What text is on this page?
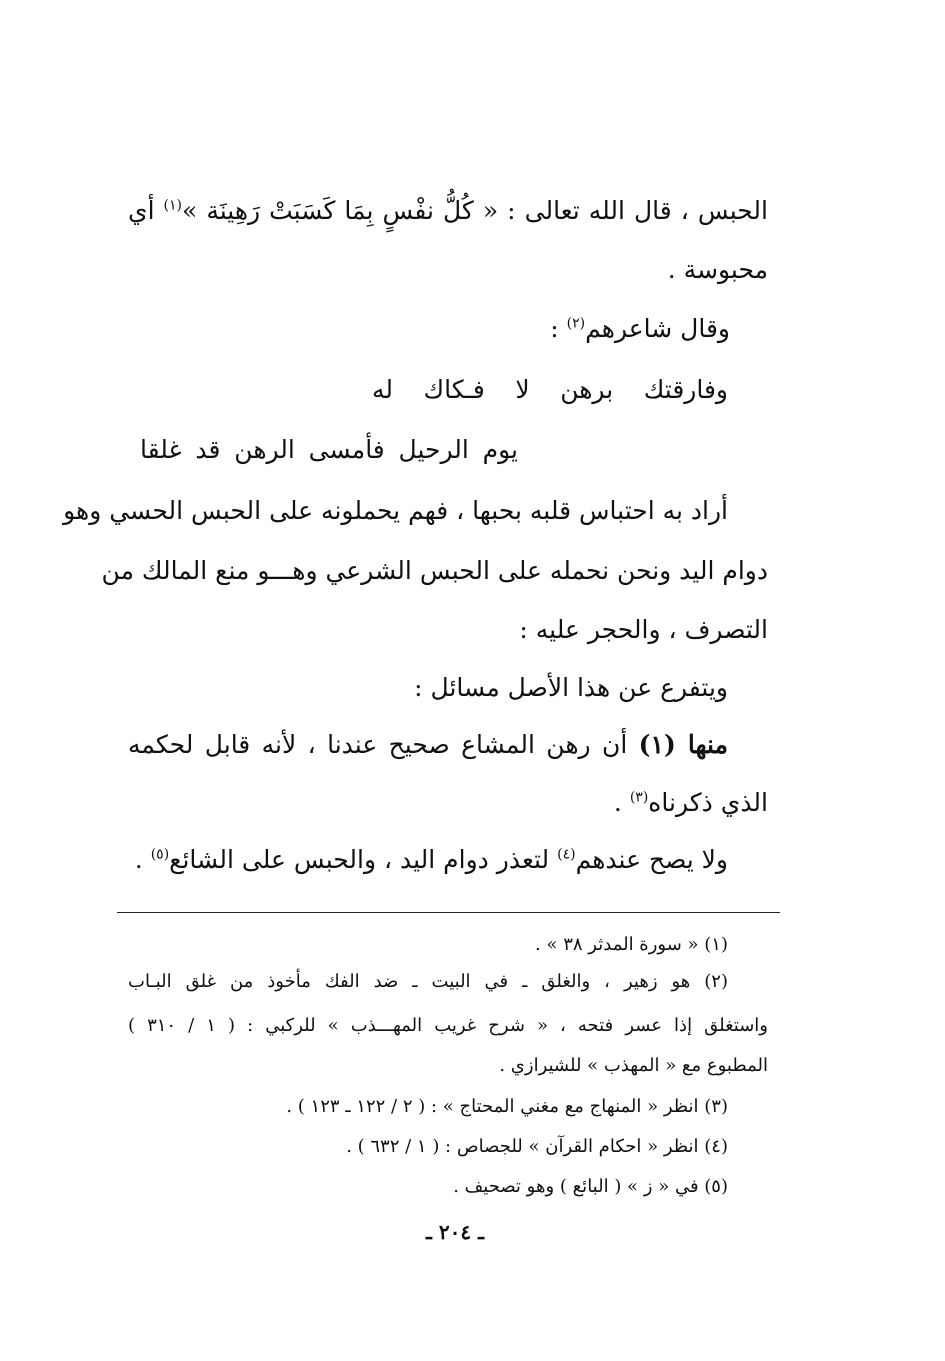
الحبس ، قال الله تعالى : « كُلُّ نفْسٍ بِمَا كَسَبَتْ رَهِينَة »$^{(١)}$ أي
محبوسة .
وقال شاعرهم$^{(٢)}$ :
وفارقتك برهن لا فـكاك له
يوم الرحيل فأمسى الرهن قد غلقا
أراد به احتباس قلبه بحبها ، فهم يحملونه على الحبس الحسي وهو
دوام اليد ونحن نحمله على الحبس الشرعي وهـــو منع المالك من
التصرف ، والحجر عليه :
ويتفرع عن هذا الأصل مسائل :
منها (١) أن رهن المشاع صحيح عندنا ، لأنه قابل لحكمه
الذي ذكرناه$^{(٣)}$ .
ولا يصح عندهم$^{(٤)}$ لتعذر دوام اليد ، والحبس على الشائع$^{(٥)}$ .
(١) « سورة المدثر ٣٨ » .
(٢) هو زهير ، والغلق ـ في البيت ـ ضد الفك مأخوذ من غلق البـاب
واستغلق إذا عسر فتحه ، « شرح غريب المهـــذب » للركبي : ( ١ / ٣١٠ )
المطبوع مع « المهذب » للشيرازي .
(٣) انظر « المنهاج مع مغني المحتاج » : ( ٢ / ١٢٢ ـ ١٢٣ ) .
(٤) انظر « احكام القرآن » للجصاص : ( ١ / ٦٣٢ ) .
(٥) في « ز » ( البائع ) وهو تصحيف .
ـ ٢٠٤ ـ
